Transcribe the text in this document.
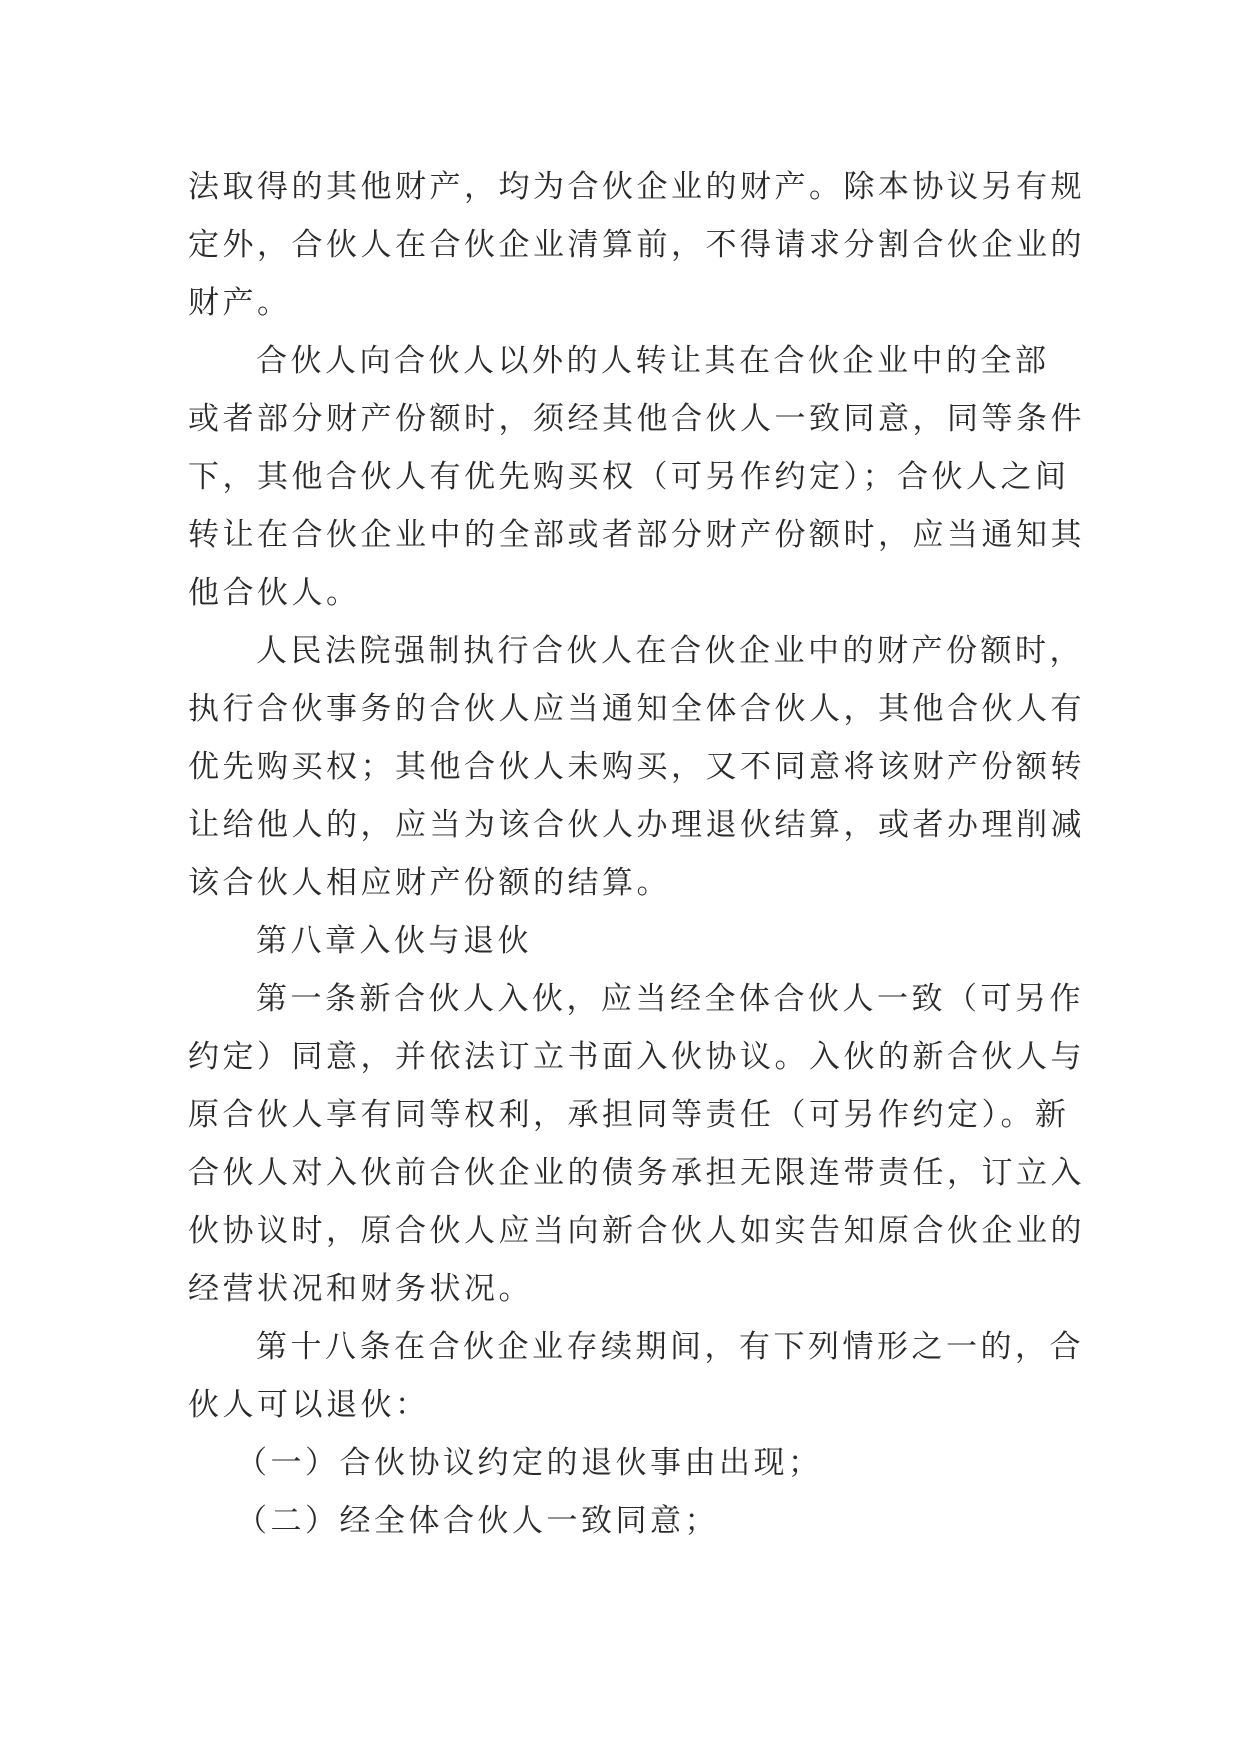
法取得的其他财产，均为合伙企业的财产。除本协议另有规
定外，合伙人在合伙企业清算前，不得请求分割合伙企业的
财产。
合伙人向合伙人以外的人转让其在合伙企业中的全部
或者部分财产份额时，须经其他合伙人一致同意，同等条件
下，其他合伙人有优先购买权（可另作约定）；合伙人之间
转让在合伙企业中的全部或者部分财产份额时，应当通知其
他合伙人。
人民法院强制执行合伙人在合伙企业中的财产份额时，
执行合伙事务的合伙人应当通知全体合伙人，其他合伙人有
优先购买权；其他合伙人未购买，又不同意将该财产份额转
让给他人的，应当为该合伙人办理退伙结算，或者办理削减
该合伙人相应财产份额的结算。
第八章入伙与退伙
第一条新合伙人入伙，应当经全体合伙人一致（可另作
约定）同意，并依法订立书面入伙协议。入伙的新合伙人与
原合伙人享有同等权利，承担同等责任（可另作约定）。新
合伙人对入伙前合伙企业的债务承担无限连带责任，订立入
伙协议时，原合伙人应当向新合伙人如实告知原合伙企业的
经营状况和财务状况。
第十八条在合伙企业存续期间，有下列情形之一的，合
伙人可以退伙：
（一）合伙协议约定的退伙事由出现；
（二）经全体合伙人一致同意；
